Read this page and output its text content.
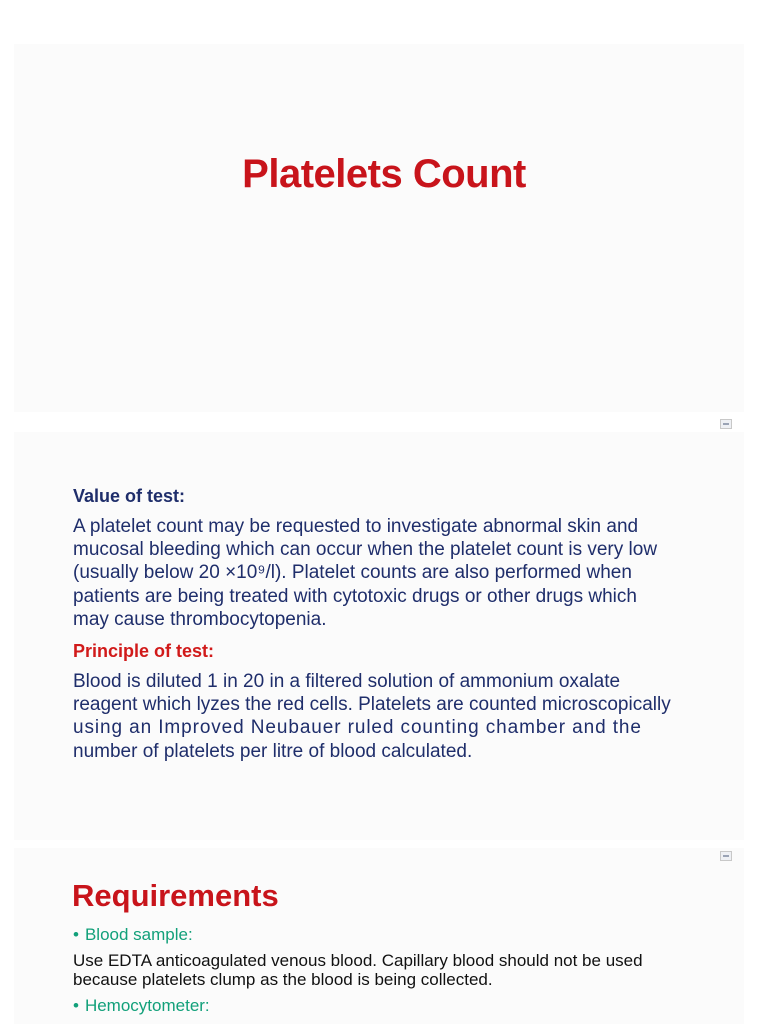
Platelets Count
Value of test:
A platelet count may be requested to investigate abnormal skin and
mucosal bleeding which can occur when the platelet count is very low
(usually below 20 ×10⁹/l). Platelet counts are also performed when
patients are being treated with cytotoxic drugs or other drugs which
may cause thrombocytopenia.
Principle of test:
Blood is diluted 1 in 20 in a filtered solution of ammonium oxalate
reagent which lyzes the red cells. Platelets are counted microscopically
using an Improved Neubauer ruled counting chamber and the
number of platelets per litre of blood calculated.
Requirements
• Blood sample:
Use EDTA anticoagulated venous blood. Capillary blood should not be used
because platelets clump as the blood is being collected.
• Hemocytometer:
